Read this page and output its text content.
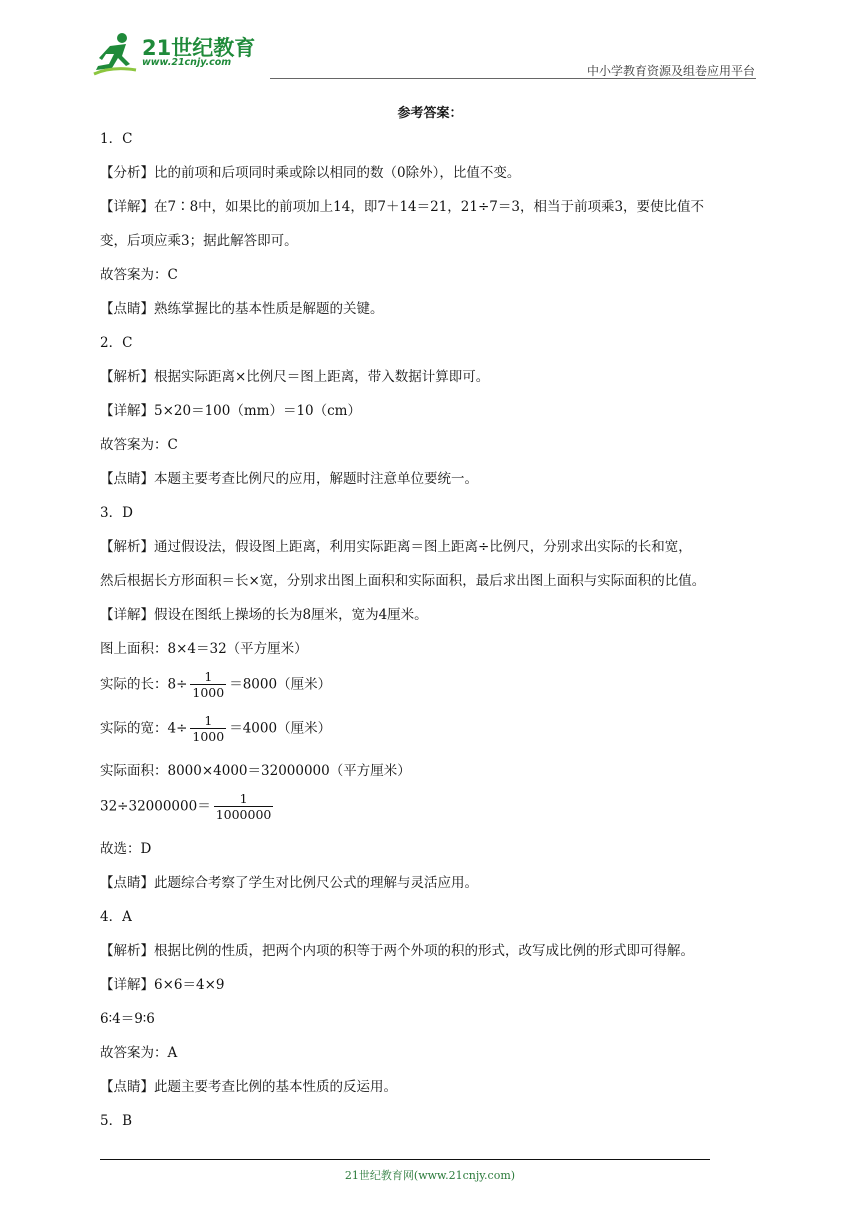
21世纪教育
www.21cnjy.com
中小学教育资源及组卷应用平台
参考答案：
1．C
【分析】比的前项和后项同时乘或除以相同的数（0除外），比值不变。
【详解】在7∶8中，如果比的前项加上14，即7＋14＝21，21÷7＝3，相当于前项乘3，要使比值不
变，后项应乘3；据此解答即可。
故答案为：C
【点睛】熟练掌握比的基本性质是解题的关键。
2．C
【解析】根据实际距离×比例尺＝图上距离，带入数据计算即可。
【详解】5×20＝100（mm）＝10（cm）
故答案为：C
【点睛】本题主要考查比例尺的应用，解题时注意单位要统一。
3．D
【解析】通过假设法，假设图上距离，利用实际距离＝图上距离÷比例尺，分别求出实际的长和宽，
然后根据长方形面积＝长×宽，分别求出图上面积和实际面积，最后求出图上面积与实际面积的比值。
【详解】假设在图纸上操场的长为8厘米，宽为4厘米。
图上面积：8×4＝32（平方厘米）
实际的长：$8\div \frac{1}{1000} =8000$（厘米）
实际的宽：$4\div \frac{1}{1000} =4000$（厘米）
实际面积：8000×4000＝32000000（平方厘米）
$32\div 32000000= \frac{1}{1000000}$
故选：D
【点睛】此题综合考察了学生对比例尺公式的理解与灵活应用。
4．A
【解析】根据比例的性质，把两个内项的积等于两个外项的积的形式，改写成比例的形式即可得解。
【详解】6×6＝4×9
6∶4＝9∶6
故答案为：A
【点睛】此题主要考查比例的基本性质的反运用。
5．B
21世纪教育网(www.21cnjy.com)
